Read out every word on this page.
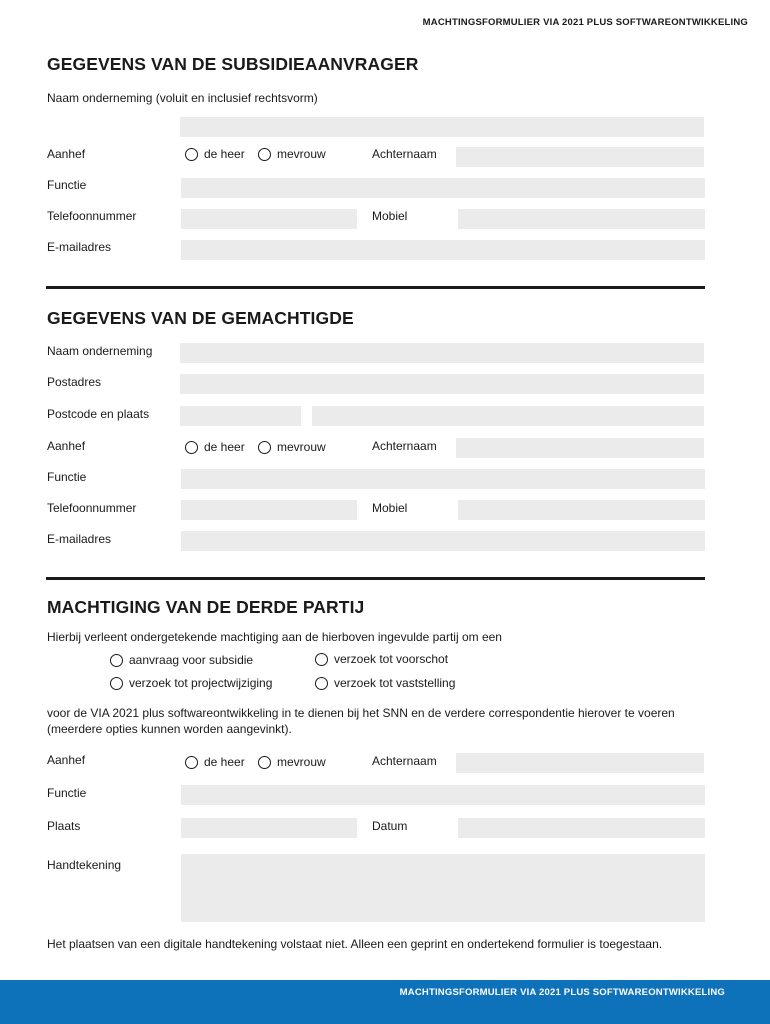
MACHTINGSFORMULIER VIA 2021 PLUS SOFTWAREONTWIKKELING
GEGEVENS VAN DE SUBSIDIEAANVRAGER
Naam onderneming (voluit en inclusief rechtsvorm)
Aanhef	de heer	mevrouw	Achternaam
Functie
Telefoonnummer	Mobiel
E-mailadres
GEGEVENS VAN DE GEMACHTIGDE
Naam onderneming
Postadres
Postcode en plaats
Aanhef	de heer	mevrouw	Achternaam
Functie
Telefoonnummer	Mobiel
E-mailadres
MACHTIGING VAN DE DERDE PARTIJ
Hierbij verleent ondergetekende machtiging aan de hierboven ingevulde partij om een
aanvraag voor subsidie	verzoek tot voorschot
verzoek tot projectwijziging	verzoek tot vaststelling
voor de VIA 2021 plus softwareontwikkeling in te dienen bij het SNN en de verdere correspondentie hierover te voeren (meerdere opties kunnen worden aangevinkt).
Aanhef	de heer	mevrouw	Achternaam
Functie
Plaats	Datum
Handtekening
Het plaatsen van een digitale handtekening volstaat niet. Alleen een geprint en ondertekend formulier is toegestaan.
MACHTINGSFORMULIER VIA 2021 PLUS SOFTWAREONTWIKKELING
